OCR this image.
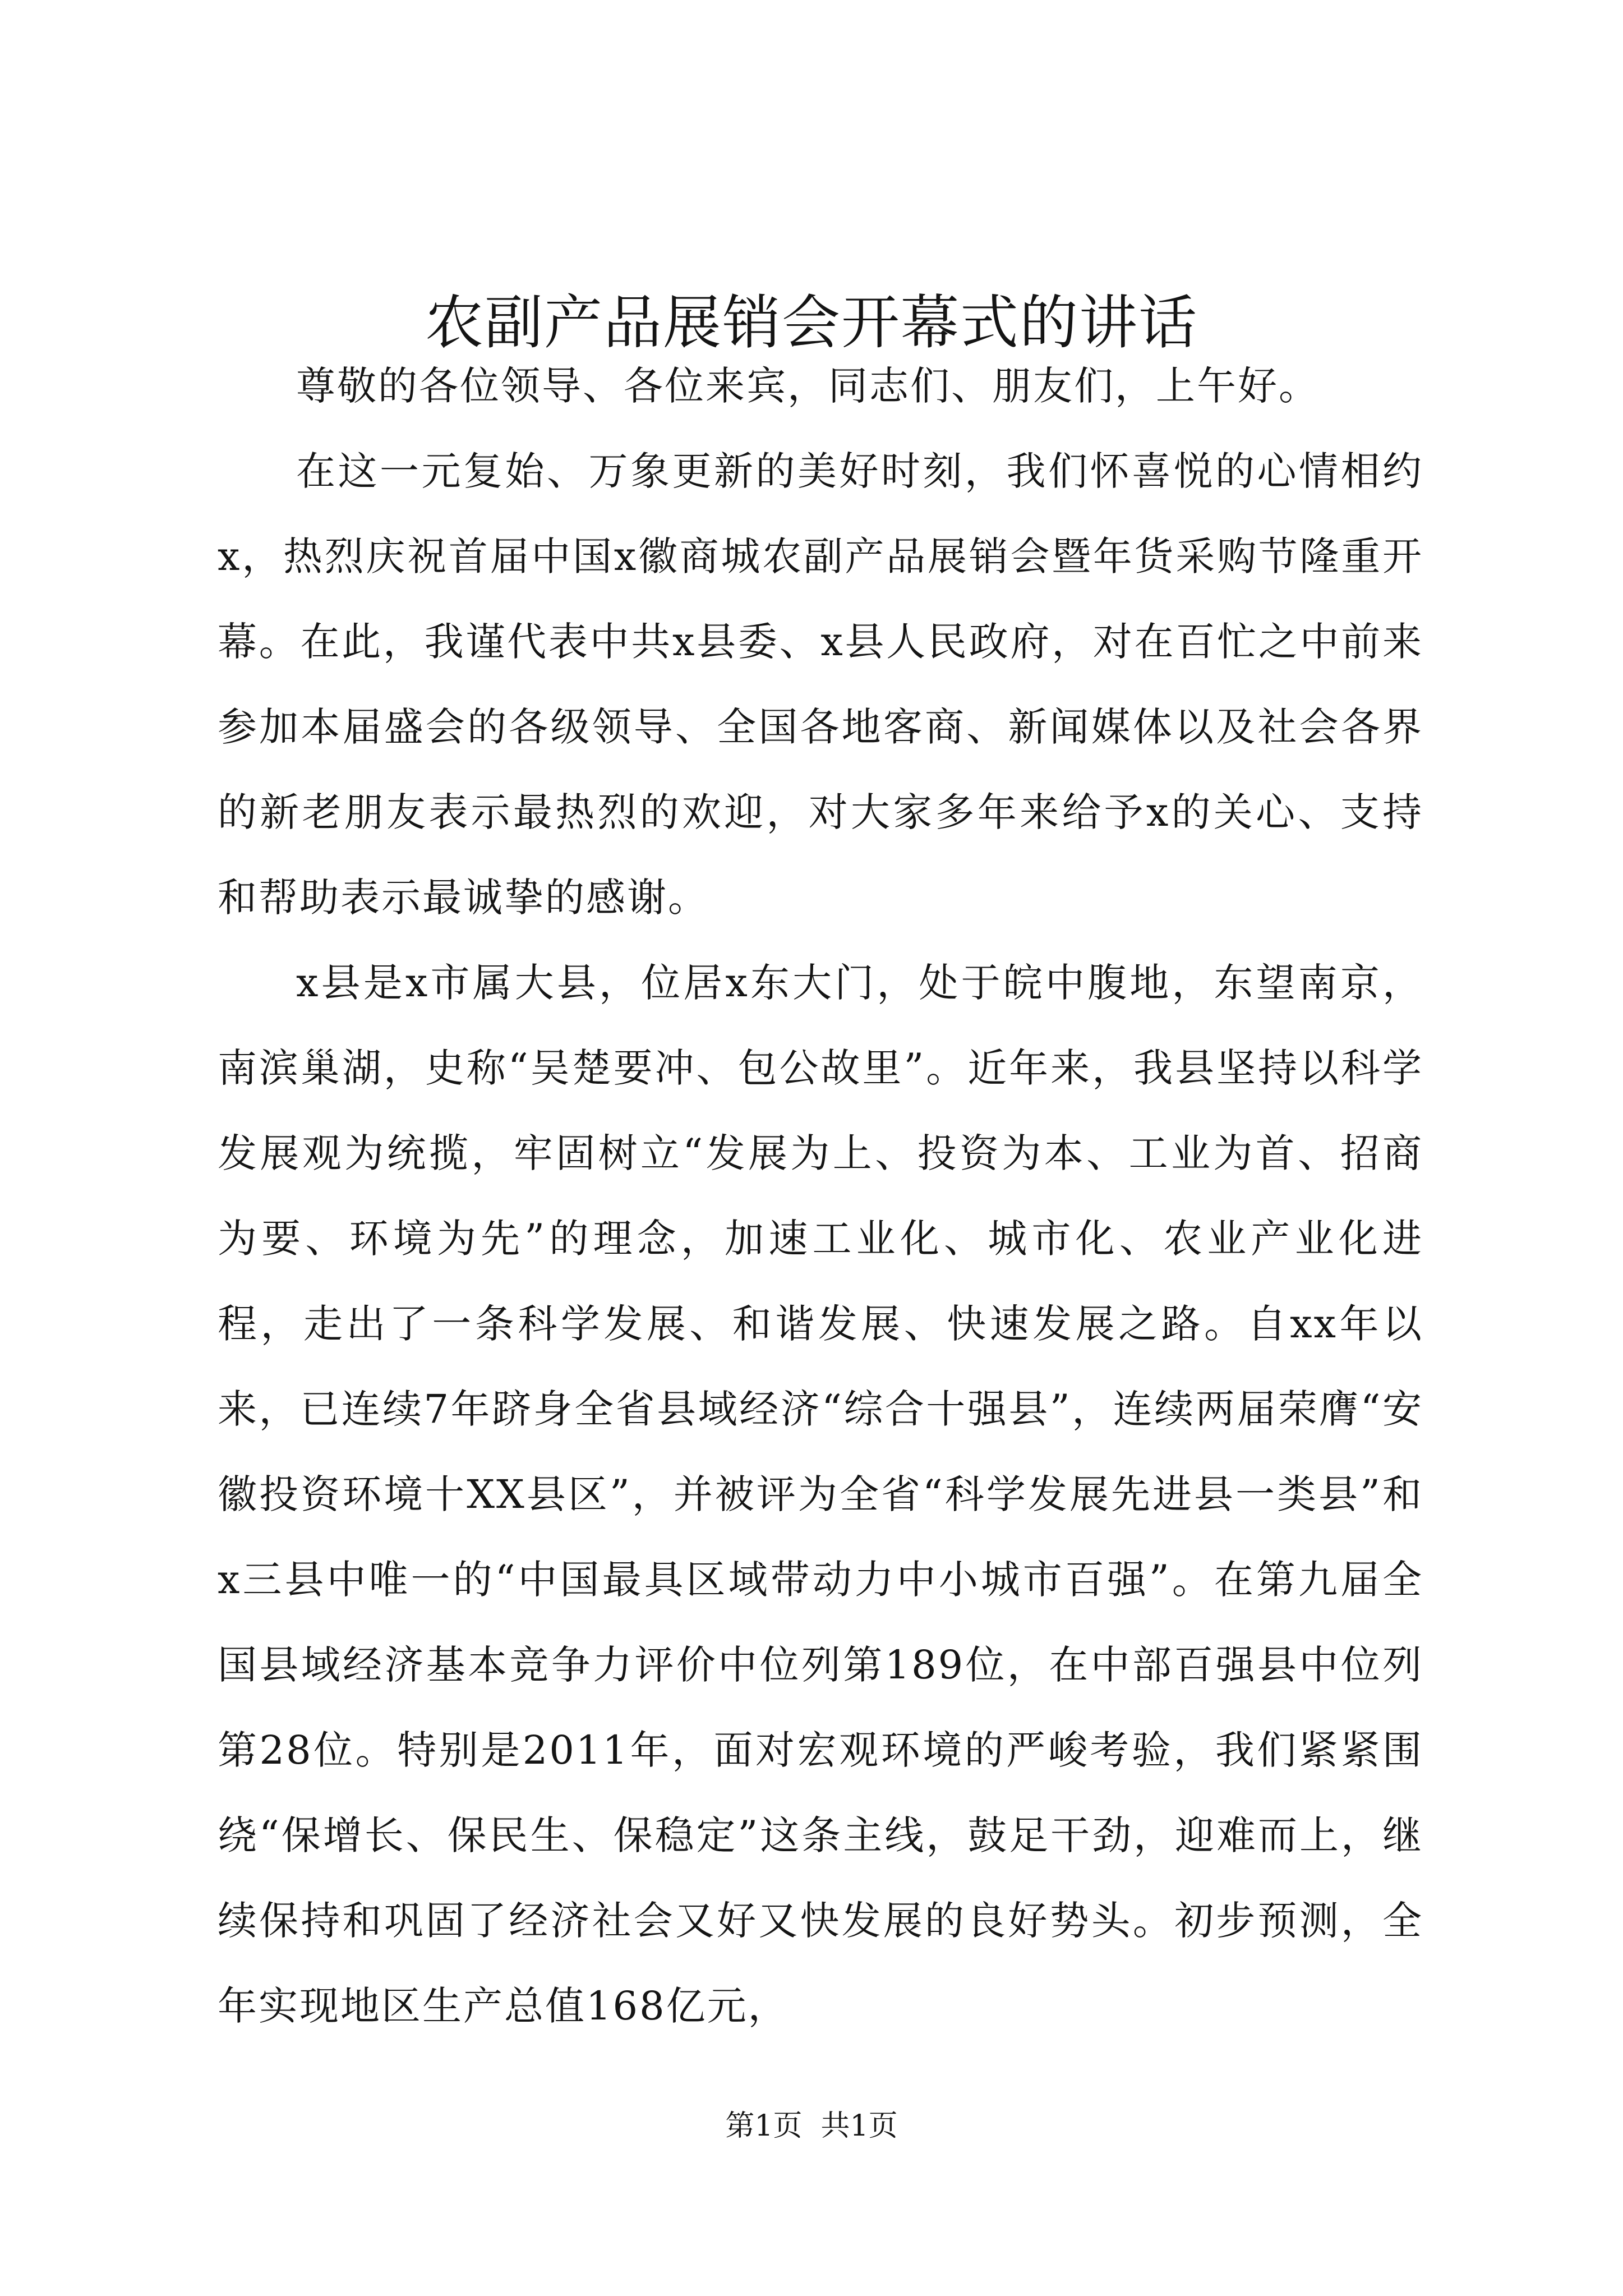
农副产品展销会开幕式的讲话

尊敬的各位领导、各位来宾，同志们、朋友们，上午好。

在这一元复始、万象更新的美好时刻，我们怀喜悦的心情相约x，热烈庆祝首届中国x徽商城农副产品展销会暨年货采购节隆重开幕。在此，我谨代表中共x县委、x县人民政府，对在百忙之中前来参加本届盛会的各级领导、全国各地客商、新闻媒体以及社会各界的新老朋友表示最热烈的欢迎，对大家多年来给予x的关心、支持和帮助表示最诚挚的感谢。

x县是x市属大县，位居x东大门，处于皖中腹地，东望南京，南滨巢湖，史称“吴楚要冲、包公故里”。近年来，我县坚持以科学发展观为统揽，牢固树立“发展为上、投资为本、工业为首、招商为要、环境为先”的理念，加速工业化、城市化、农业产业化进程，走出了一条科学发展、和谐发展、快速发展之路。自xx年以来，已连续7年跻身全省县域经济“综合十强县”，连续两届荣膺“安徽投资环境十XX县区”，并被评为全省“科学发展先进县一类县”和x三县中唯一的“中国最具区域带动力中小城市百强”。在第九届全国县域经济基本竞争力评价中位列第189位，在中部百强县中位列第28位。特别是2011年，面对宏观环境的严峻考验，我们紧紧围绕“保增长、保民生、保稳定”这条主线，鼓足干劲，迎难而上，继续保持和巩固了经济社会又好又快发展的良好势头。初步预测，全年实现地区生产总值168亿元，

第1页  共1页
